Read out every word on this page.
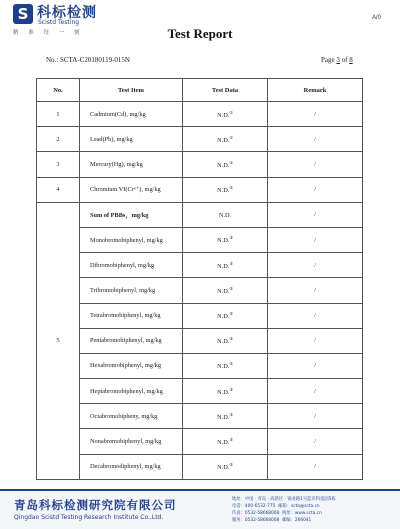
S 科标检测
Scistd Testing
精 准 每 一 刻
A/0
Test Report
No.: SCTA-C20180119-015N	Page 3 of 8
No.	Test Item	Test Data	Remark
1	Cadmium(Cd), mg/kg	N.D.①	/
2	Lead(Pb), mg/kg	N.D.①	/
3	Mercury(Hg), mg/kg	N.D.①	/
4	Chromium VI(Cr⁶⁺), mg/kg	N.D.③	/
5	Sum of PBBs，mg/kg	N.D.	/
	Monobromobiphenyl, mg/kg	N.D.③	/
	Dibromobiphenyl, mg/kg	N.D.③	/
	Tribromobiphenyl, mg/kg	N.D.③	/
	Tetrabromobiphenyl, mg/kg	N.D.③	/
	Pentabromobiphenyl, mg/kg	N.D.③	/
	Hexabromobiphenyl, mg/kg	N.D.③	/
	Heptabromobiphenyl, mg/kg	N.D.③	/
	Octabromobipheny, mg/kg	N.D.③	/
	Nonabromobiphenyl, mg/kg	N.D.③	/
	Decabromodiphenyl, mg/kg	N.D.③	/
青岛科标检测研究院有限公司
Qingdao Scistd Testing Research Institute Co.,Ltd.
地址：中国 · 青岛 · 高新区 · 锦业路1号蓝贝科技园5栋
电话：400-6532-775 邮箱：scta@scta.cn
传真：0532-58668008 网址：www.scta.cn
服务：0532-58668008 邮编：266041
